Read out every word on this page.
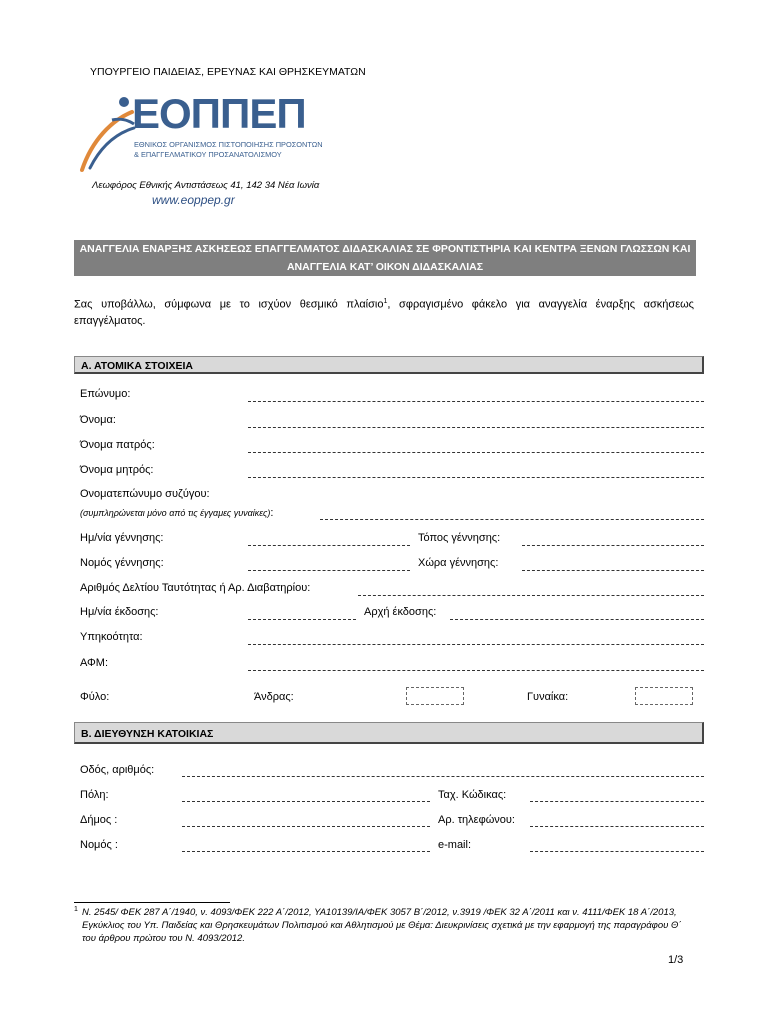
ΥΠΟΥΡΓΕΙΟ ΠΑΙΔΕΙΑΣ, ΕΡΕΥΝΑΣ ΚΑΙ ΘΡΗΣΚΕΥΜΑΤΩΝ
ΕΟΠΠΕΠ
ΕΘΝΙΚΟΣ ΟΡΓΑΝΙΣΜΟΣ ΠΙΣΤΟΠΟΙΗΣΗΣ ΠΡΟΣΟΝΤΩΝ
& ΕΠΑΓΓΕΛΜΑΤΙΚΟΥ ΠΡΟΣΑΝΑΤΟΛΙΣΜΟΥ
Λεωφόρος Εθνικής Αντιστάσεως 41, 142 34 Νέα Ιωνία
www.eoppep.gr
ΑΝΑΓΓΕΛΙΑ ΕΝΑΡΞΗΣ ΑΣΚΗΣΕΩΣ ΕΠΑΓΓΕΛΜΑΤΟΣ ΔΙΔΑΣΚΑΛΙΑΣ ΣΕ ΦΡΟΝΤΙΣΤΗΡΙΑ ΚΑΙ ΚΕΝΤΡΑ ΞΕΝΩΝ ΓΛΩΣΣΩΝ ΚΑΙ
ΑΝΑΓΓΕΛΙΑ ΚΑΤ’ ΟΙΚΟΝ ΔΙΔΑΣΚΑΛΙΑΣ
Σας υποβάλλω, σύμφωνα με το ισχύον θεσμικό πλαίσιο$^1$, σφραγισμένο φάκελο για αναγγελία έναρξης ασκήσεως επαγγέλματος.
Α. ΑΤΟΜΙΚΑ ΣΤΟΙΧΕΙΑ
Επώνυμο:
Όνομα:
Όνομα πατρός:
Όνομα μητρός:
Ονοματεπώνυμο συζύγου:
(συμπληρώνεται μόνο από τις έγγαμες γυναίκες):
Ημ/νία γέννησης:	Τόπος γέννησης:
Νομός γέννησης:	Χώρα γέννησης:
Αριθμός Δελτίου Ταυτότητας ή Αρ. Διαβατηρίου:
Ημ/νία έκδοσης:	Αρχή έκδοσης:
Υπηκοότητα:
ΑΦΜ:
Φύλο:	Άνδρας:	Γυναίκα:
Β. ΔΙΕΥΘΥΝΣΗ ΚΑΤΟΙΚΙΑΣ
Οδός, αριθμός:
Πόλη:	Ταχ. Κώδικας:
Δήμος :	Αρ. τηλεφώνου:
Νομός :	e-mail:
1 Ν. 2545/ ΦΕΚ 287 Α΄/1940, ν. 4093/ΦΕΚ 222 Α΄/2012, ΥΑ10139/ΙΑ/ΦΕΚ 3057 Β΄/2012, ν.3919 /ΦΕΚ 32 Α΄/2011 και ν. 4111/ΦΕΚ 18 Α΄/2013, Εγκύκλιος του Υπ. Παιδείας και Θρησκευμάτων Πολιτισμού και Αθλητισμού με Θέμα: Διευκρινίσεις σχετικά με την εφαρμογή της παραγράφου Θ΄ του άρθρου πρώτου του Ν. 4093/2012.
1/3
